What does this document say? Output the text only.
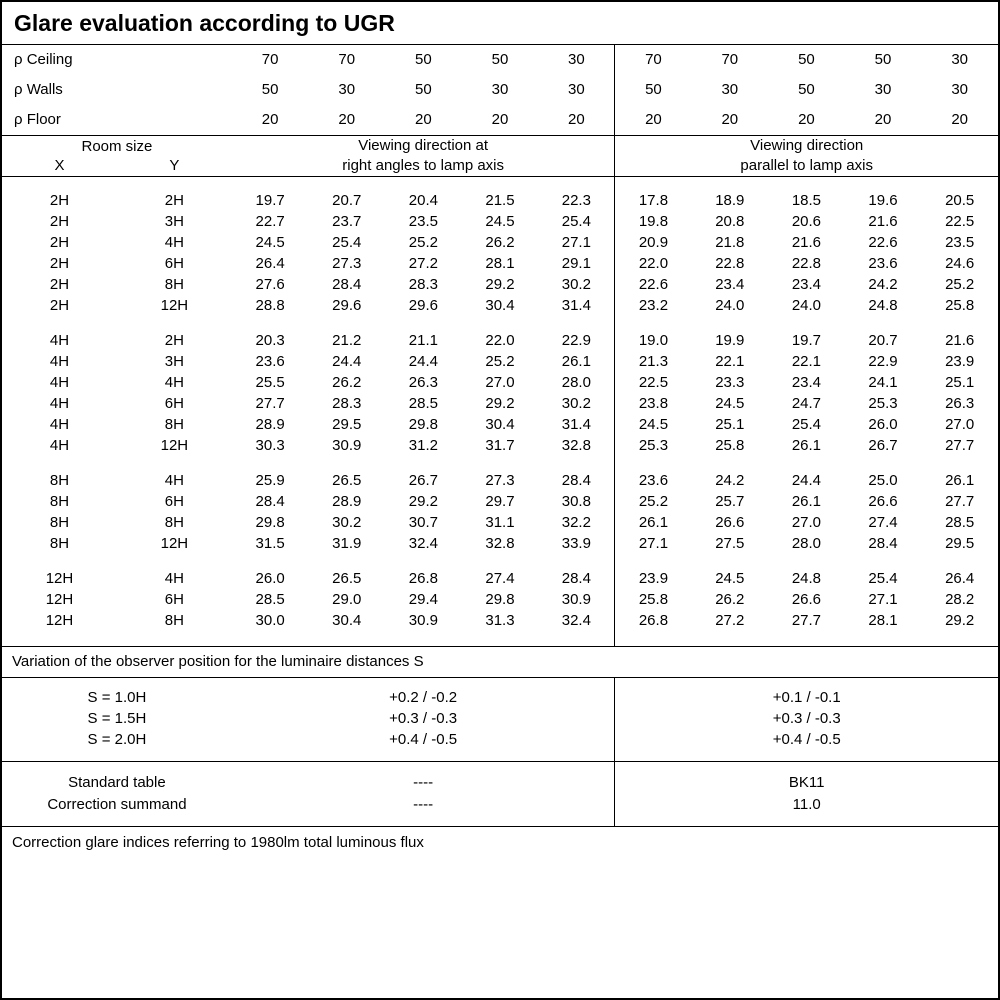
Glare evaluation according to UGR
ρ Ceiling	70	70	50	50	30	70	70	50	50	30
ρ Walls	50	30	50	30	30	50	30	50	30	30
ρ Floor	20	20	20	20	20	20	20	20	20	20
Room size
X	Y

Viewing direction at
right angles to lamp axis

Viewing direction
parallel to lamp axis

2H	2H	19.7	20.7	20.4	21.5	22.3	17.8	18.9	18.5	19.6	20.5
2H	3H	22.7	23.7	23.5	24.5	25.4	19.8	20.8	20.6	21.6	22.5
2H	4H	24.5	25.4	25.2	26.2	27.1	20.9	21.8	21.6	22.6	23.5
2H	6H	26.4	27.3	27.2	28.1	29.1	22.0	22.8	22.8	23.6	24.6
2H	8H	27.6	28.4	28.3	29.2	30.2	22.6	23.4	23.4	24.2	25.2
2H	12H	28.8	29.6	29.6	30.4	31.4	23.2	24.0	24.0	24.8	25.8

4H	2H	20.3	21.2	21.1	22.0	22.9	19.0	19.9	19.7	20.7	21.6
4H	3H	23.6	24.4	24.4	25.2	26.1	21.3	22.1	22.1	22.9	23.9
4H	4H	25.5	26.2	26.3	27.0	28.0	22.5	23.3	23.4	24.1	25.1
4H	6H	27.7	28.3	28.5	29.2	30.2	23.8	24.5	24.7	25.3	26.3
4H	8H	28.9	29.5	29.8	30.4	31.4	24.5	25.1	25.4	26.0	27.0
4H	12H	30.3	30.9	31.2	31.7	32.8	25.3	25.8	26.1	26.7	27.7

8H	4H	25.9	26.5	26.7	27.3	28.4	23.6	24.2	24.4	25.0	26.1
8H	6H	28.4	28.9	29.2	29.7	30.8	25.2	25.7	26.1	26.6	27.7
8H	8H	29.8	30.2	30.7	31.1	32.2	26.1	26.6	27.0	27.4	28.5
8H	12H	31.5	31.9	32.4	32.8	33.9	27.1	27.5	28.0	28.4	29.5

12H	4H	26.0	26.5	26.8	27.4	28.4	23.9	24.5	24.8	25.4	26.4
12H	6H	28.5	29.0	29.4	29.8	30.9	25.8	26.2	26.6	27.1	28.2
12H	8H	30.0	30.4	30.9	31.3	32.4	26.8	27.2	27.7	28.1	29.2

Variation of the observer position for the luminaire distances S

S = 1.0H	+0.2 / -0.2	+0.1 / -0.1
S = 1.5H	+0.3 / -0.3	+0.3 / -0.3
S = 2.0H	+0.4 / -0.5	+0.4 / -0.5

Standard table	----	BK11
Correction summand	----	11.0

Correction glare indices referring to 1980lm total luminous flux
